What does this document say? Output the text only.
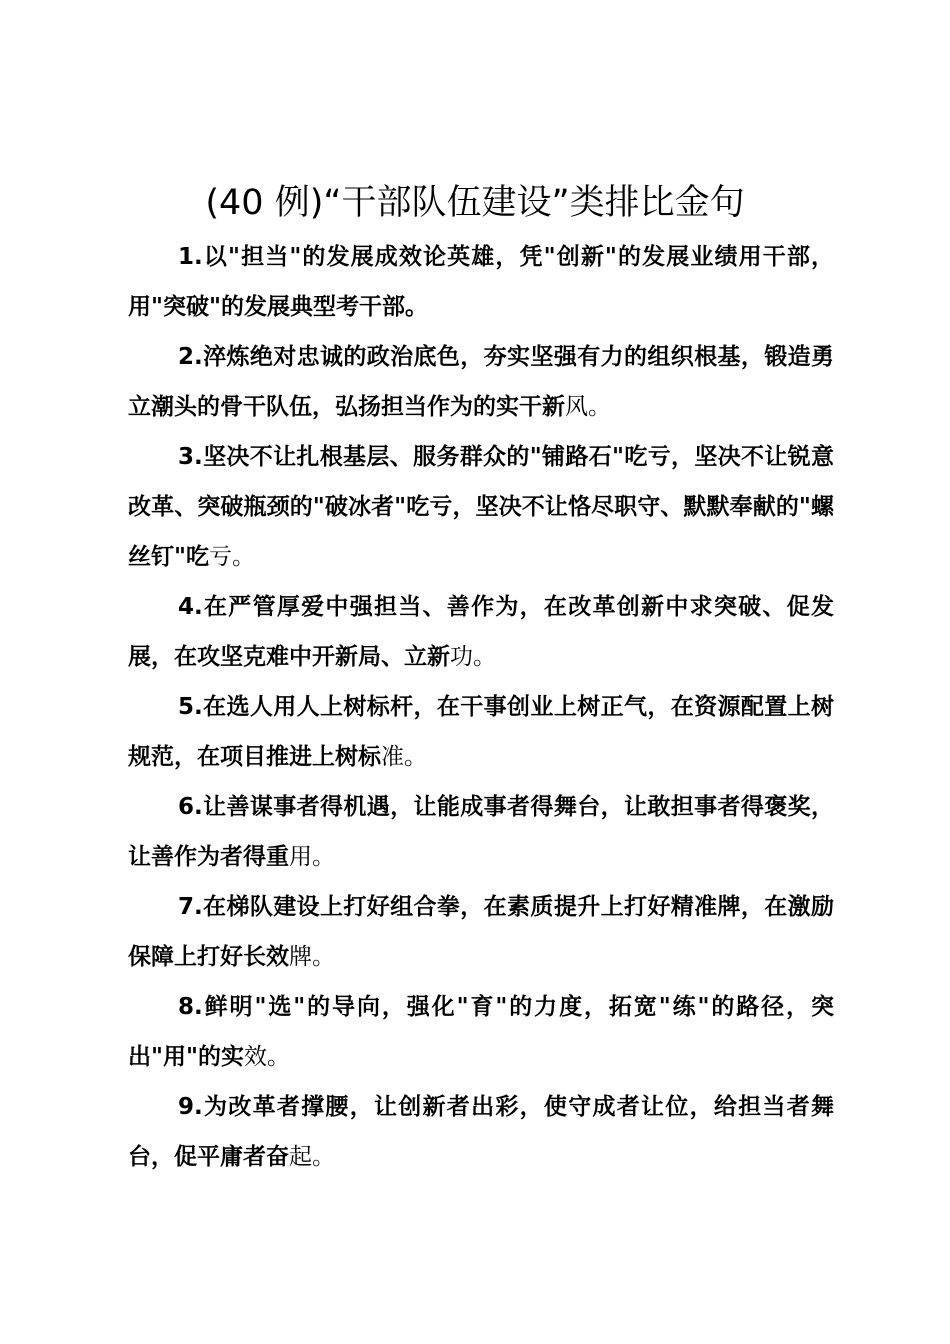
(40 例)“干部队伍建设”类排比金句

1.以"担当"的发展成效论英雄，凭"创新"的发展业绩用干部，用"突破"的发展典型考干部。

2.淬炼绝对忠诚的政治底色，夯实坚强有力的组织根基，锻造勇立潮头的骨干队伍，弘扬担当作为的实干新风。

3.坚决不让扎根基层、服务群众的"铺路石"吃亏，坚决不让锐意改革、突破瓶颈的"破冰者"吃亏，坚决不让恪尽职守、默默奉献的"螺丝钉"吃亏。

4.在严管厚爱中强担当、善作为，在改革创新中求突破、促发展，在攻坚克难中开新局、立新功。

5.在选人用人上树标杆，在干事创业上树正气，在资源配置上树规范，在项目推进上树标准。

6.让善谋事者得机遇，让能成事者得舞台，让敢担事者得褒奖，让善作为者得重用。

7.在梯队建设上打好组合拳，在素质提升上打好精准牌，在激励保障上打好长效牌。

8.鲜明"选"的导向，强化"育"的力度，拓宽"练"的路径，突出"用"的实效。

9.为改革者撑腰，让创新者出彩，使守成者让位，给担当者舞台，促平庸者奋起。
